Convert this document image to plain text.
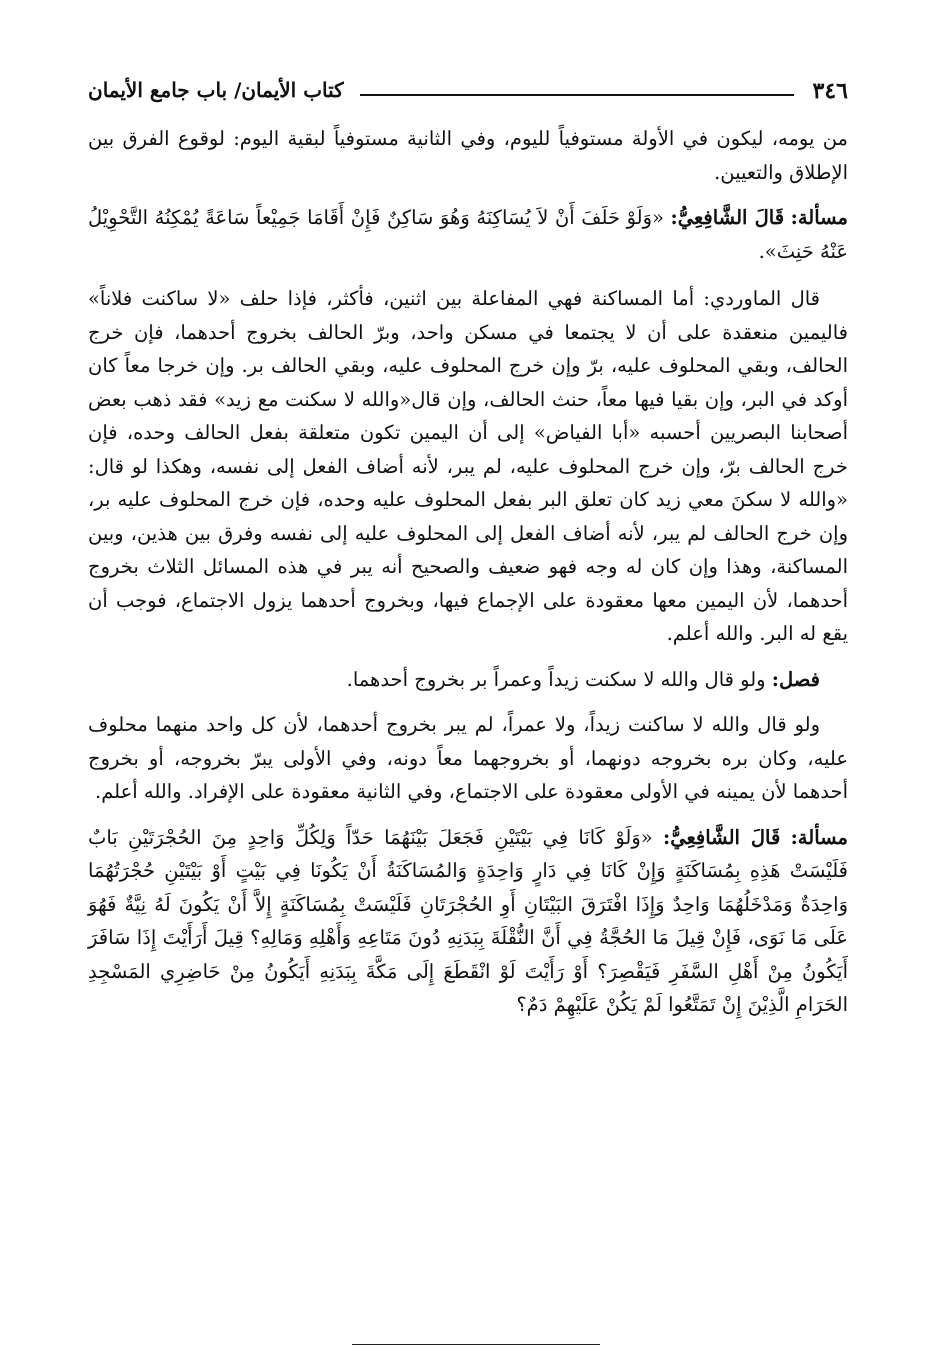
٣٤٦
كتاب الأيمان/ باب جامع الأيمان

من يومه، ليكون في الأولة مستوفياً لليوم، وفي الثانية مستوفياً لبقية اليوم: لوقوع الفرق بين الإطلاق والتعيين.

مسألة: قَالَ الشَّافِعِيُّ: «وَلَوْ حَلَفَ أَنْ لاَ يُسَاكِنَهُ وَهُوَ سَاكِنٌ فَإِنْ أَقَامَا جَمِيْعاً سَاعَةً يُمْكِنُهُ التَّحْوِيْلُ عَنْهُ حَنِثَ».

قال الماوردي: أما المساكنة فهي المفاعلة بين اثنين، فأكثر، فإذا حلف «لا ساكنت فلاناً» فاليمين منعقدة على أن لا يجتمعا في مسكن واحد، وبرّ الحالف بخروج أحدهما، فإن خرج الحالف، وبقي المحلوف عليه، برّ وإن خرج المحلوف عليه، وبقي الحالف بر. وإن خرجا معاً كان أوكد في البر، وإن بقيا فيها معاً، حنث الحالف، وإن قال«والله لا سكنت مع زيد» فقد ذهب بعض أصحابنا البصريين أحسبه «أبا الفياض» إلى أن اليمين تكون متعلقة بفعل الحالف وحده، فإن خرج الحالف برّ، وإن خرج المحلوف عليه، لم يبر، لأنه أضاف الفعل إلى نفسه، وهكذا لو قال: «والله لا سكنَ معي زيد كان تعلق البر بفعل المحلوف عليه وحده، فإن خرج المحلوف عليه بر، وإن خرج الحالف لم يبر، لأنه أضاف الفعل إلى المحلوف عليه إلى نفسه وفرق بين هذين، وبين المساكنة، وهذا وإن كان له وجه فهو ضعيف والصحيح أنه يبر في هذه المسائل الثلاث بخروج أحدهما، لأن اليمين معها معقودة على الإجماع فيها، وبخروج أحدهما يزول الاجتماع، فوجب أن يقع له البر. والله أعلم.

فصل: ولو قال والله لا سكنت زيداً وعمراً بر بخروج أحدهما.

ولو قال والله لا ساكنت زيداً، ولا عمراً، لم يبر بخروج أحدهما، لأن كل واحد منهما محلوف عليه، وكان بره بخروجه دونهما، أو بخروجهما معاً دونه، وفي الأولى يبرّ بخروجه، أو بخروج أحدهما لأن يمينه في الأولى معقودة على الاجتماع، وفي الثانية معقودة على الإفراد. والله أعلم.

مسألة: قَالَ الشَّافِعِيُّ: «وَلَوْ كَانَا فِي بَيْتَيْنِ فَجَعَلَ بَيْنَهُمَا حَدّاً وَلِكُلِّ وَاحِدٍ مِنَ الحُجْرَتَيْنِ بَابٌ فَلَيْسَتْ هَذِهِ بِمُسَاكَنَةٍ وَإِنْ كَانَا فِي دَارٍ وَاحِدَةٍ وَالمُسَاكَنَةُ أَنْ يَكُونَا فِي بَيْتٍ أَوْ بَيْتَيْنِ حُجْرَتُهُمَا وَاحِدَةٌ وَمَدْخَلُهُمَا وَاحِدٌ وَإِذَا افْتَرَقَ البَيْتَانِ أَوِ الحُجْرَتَانِ فَلَيْسَتْ بِمُسَاكَنَةٍ إِلاَّ أَنْ يَكُونَ لَهُ نِيَّةٌ فَهُوَ عَلَى مَا نَوَى، فَإِنْ قِيلَ مَا الحُجَّةُ فِي أَنَّ النُّقْلَةَ بِبَدَنِهِ دُونَ مَتَاعِهِ وَأَهْلِهِ وَمَالِهِ؟ قِيلَ أَرَأَيْتَ إِذَا سَافَرَ أَيَكُونُ مِنْ أَهْلِ السَّفَرِ فَيَقْصِرَ؟ أَوْ رَأَيْتَ لَوْ انْقَطَعَ إِلَى مَكَّةَ بِبَدَنِهِ أَيَكُونُ مِنْ حَاضِرِي المَسْجِدِ الحَرَامِ الَّذِيْنَ إِنْ تَمَتَّعُوا لَمْ يَكُنْ عَلَيْهِمْ دَمٌ؟
